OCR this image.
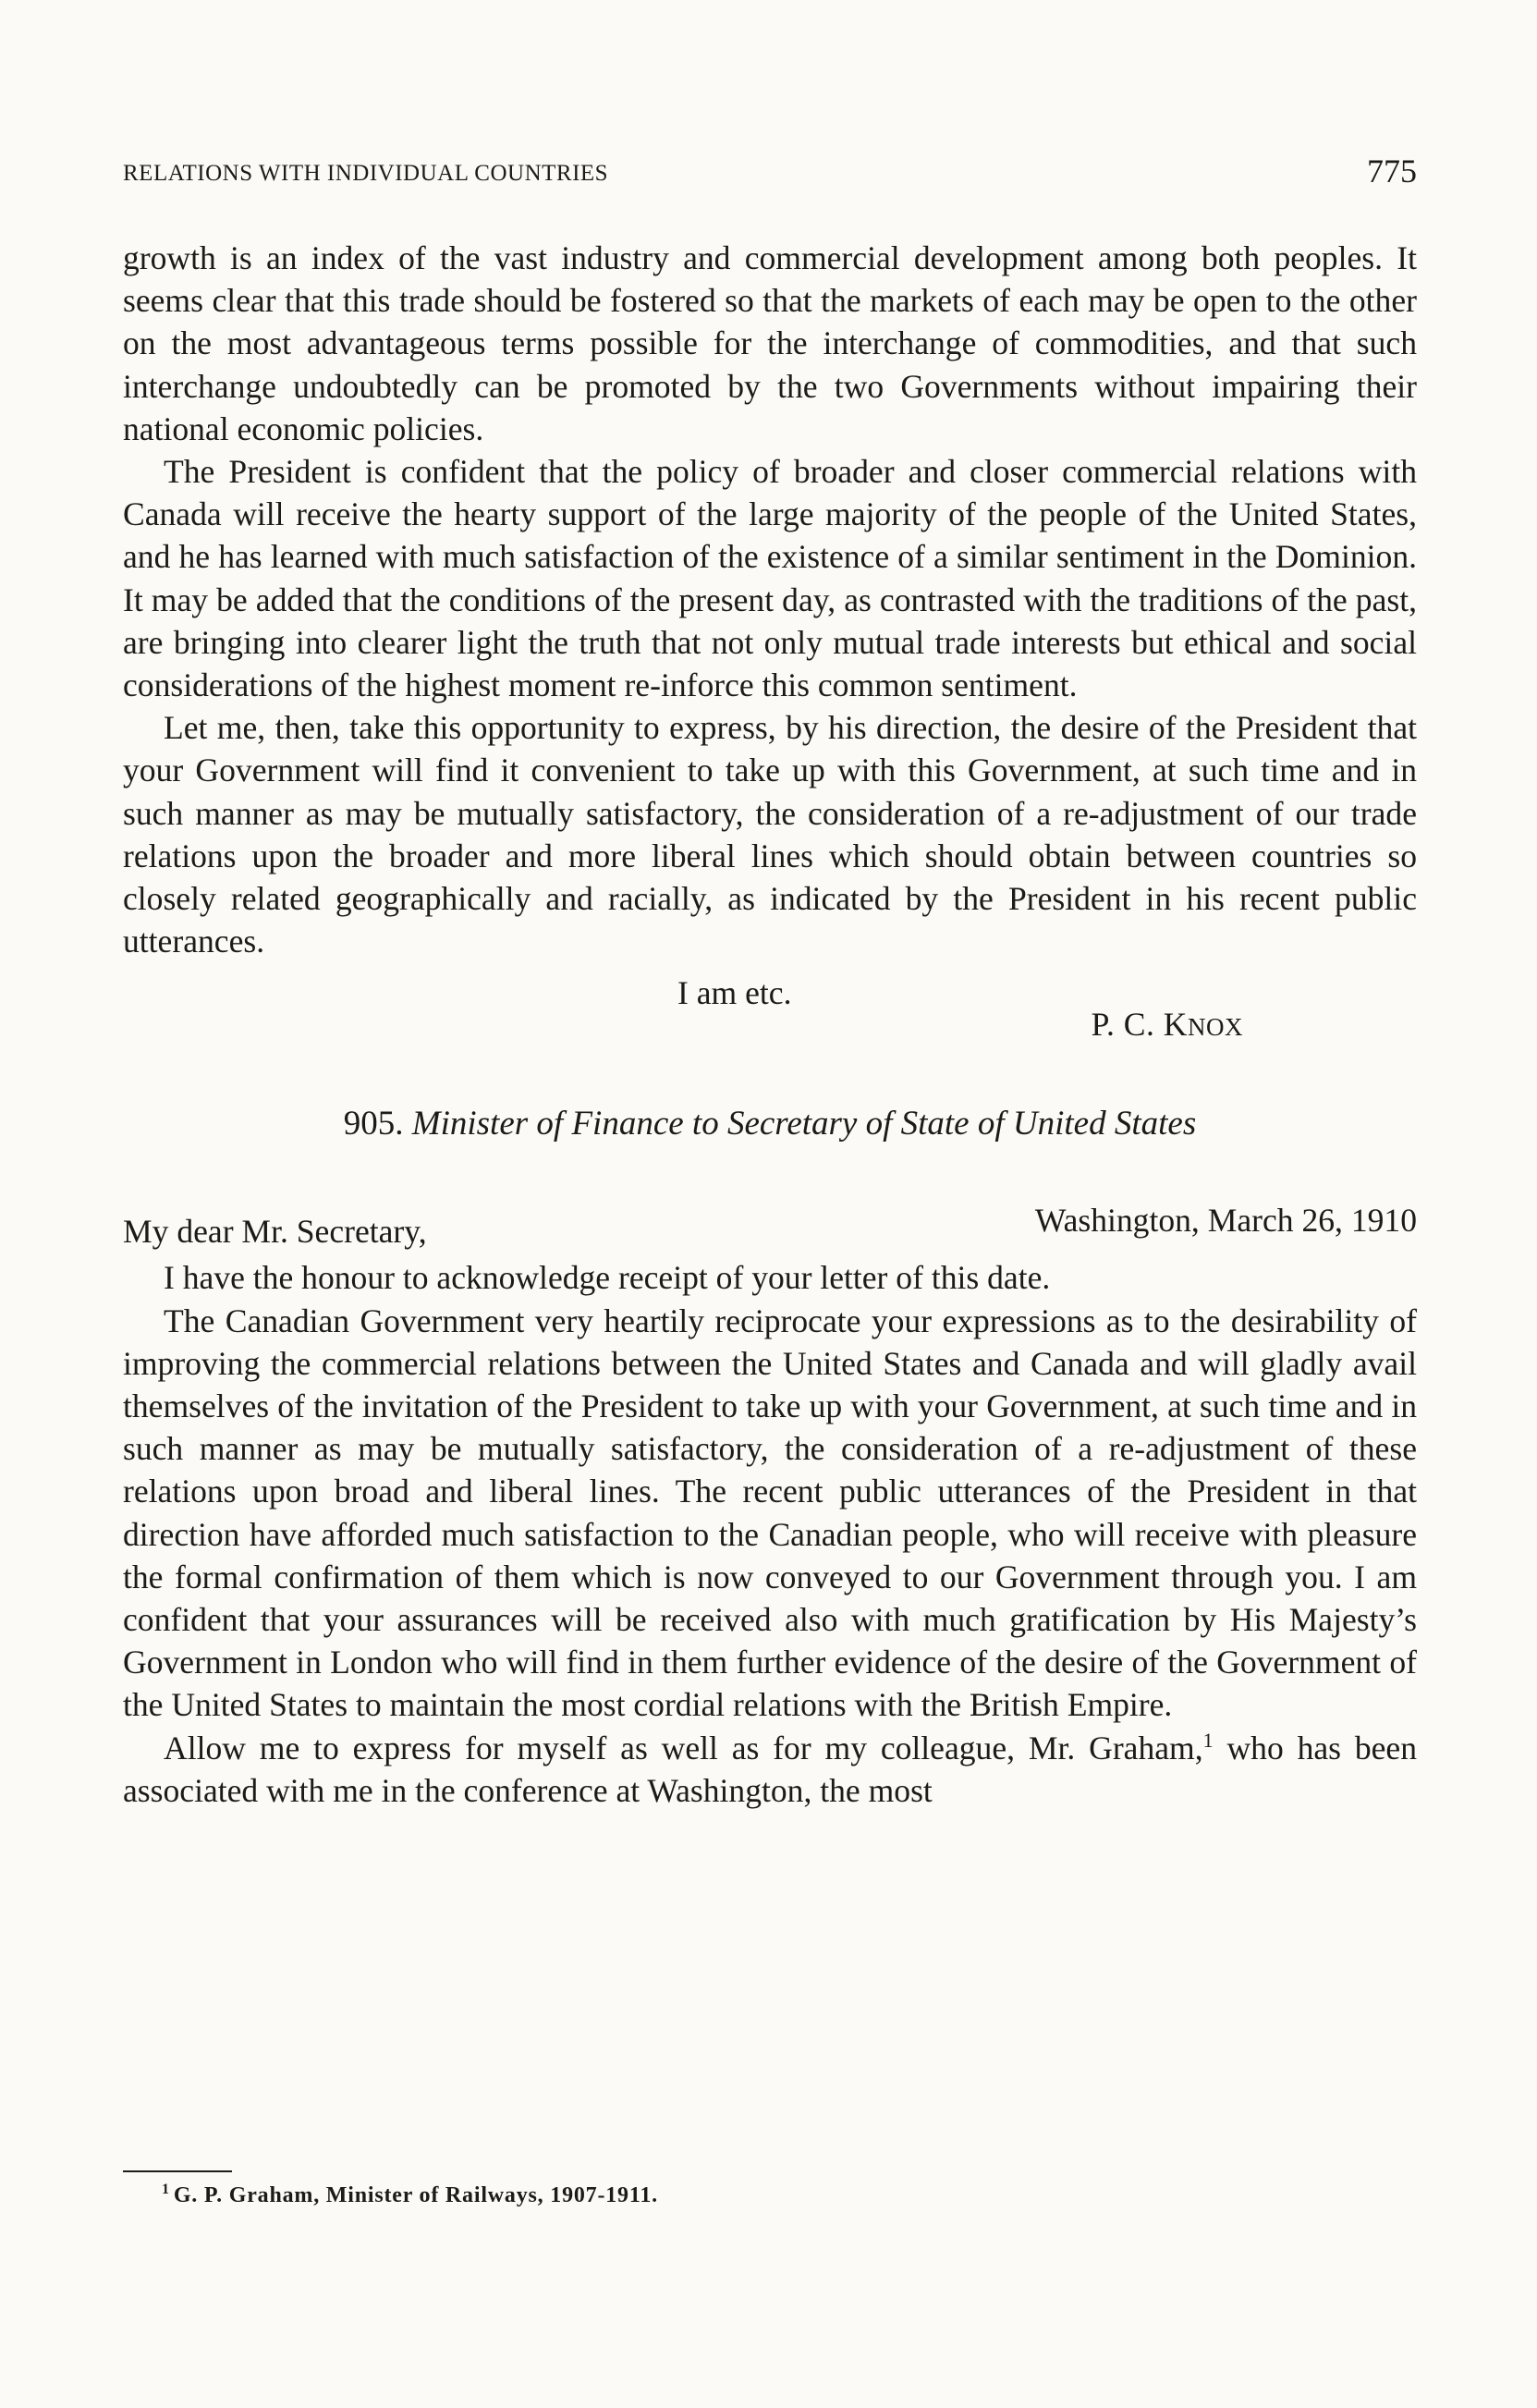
RELATIONS WITH INDIVIDUAL COUNTRIES	775

growth is an index of the vast industry and commercial development among both peoples. It seems clear that this trade should be fostered so that the markets of each may be open to the other on the most advantageous terms possible for the interchange of commodities, and that such interchange undoubtedly can be promoted by the two Governments without impairing their national economic policies.

The President is confident that the policy of broader and closer commercial relations with Canada will receive the hearty support of the large majority of the people of the United States, and he has learned with much satisfaction of the existence of a similar sentiment in the Dominion. It may be added that the conditions of the present day, as contrasted with the traditions of the past, are bringing into clearer light the truth that not only mutual trade interests but ethical and social considerations of the highest moment re-inforce this common sentiment.

Let me, then, take this opportunity to express, by his direction, the desire of the President that your Government will find it convenient to take up with this Government, at such time and in such manner as may be mutually satisfactory, the consideration of a re-adjustment of our trade relations upon the broader and more liberal lines which should obtain between countries so closely related geographically and racially, as indicated by the President in his recent public utterances.

I am etc.
P. C. KNOX
905. Minister of Finance to Secretary of State of United States
My dear Mr. Secretary,	Washington, March 26, 1910

I have the honour to acknowledge receipt of your letter of this date.

The Canadian Government very heartily reciprocate your expressions as to the desirability of improving the commercial relations between the United States and Canada and will gladly avail themselves of the invitation of the President to take up with your Government, at such time and in such manner as may be mutually satisfactory, the consideration of a re-adjustment of these relations upon broad and liberal lines. The recent public utterances of the President in that direction have afforded much satisfaction to the Canadian people, who will receive with pleasure the formal confirmation of them which is now conveyed to our Government through you. I am confident that your assurances will be received also with much gratification by His Majesty’s Government in London who will find in them further evidence of the desire of the Government of the United States to maintain the most cordial relations with the British Empire.

Allow me to express for myself as well as for my colleague, Mr. Graham,$^1$ who has been associated with me in the conference at Washington, the most

$^1$ G. P. Graham, Minister of Railways, 1907-1911.
